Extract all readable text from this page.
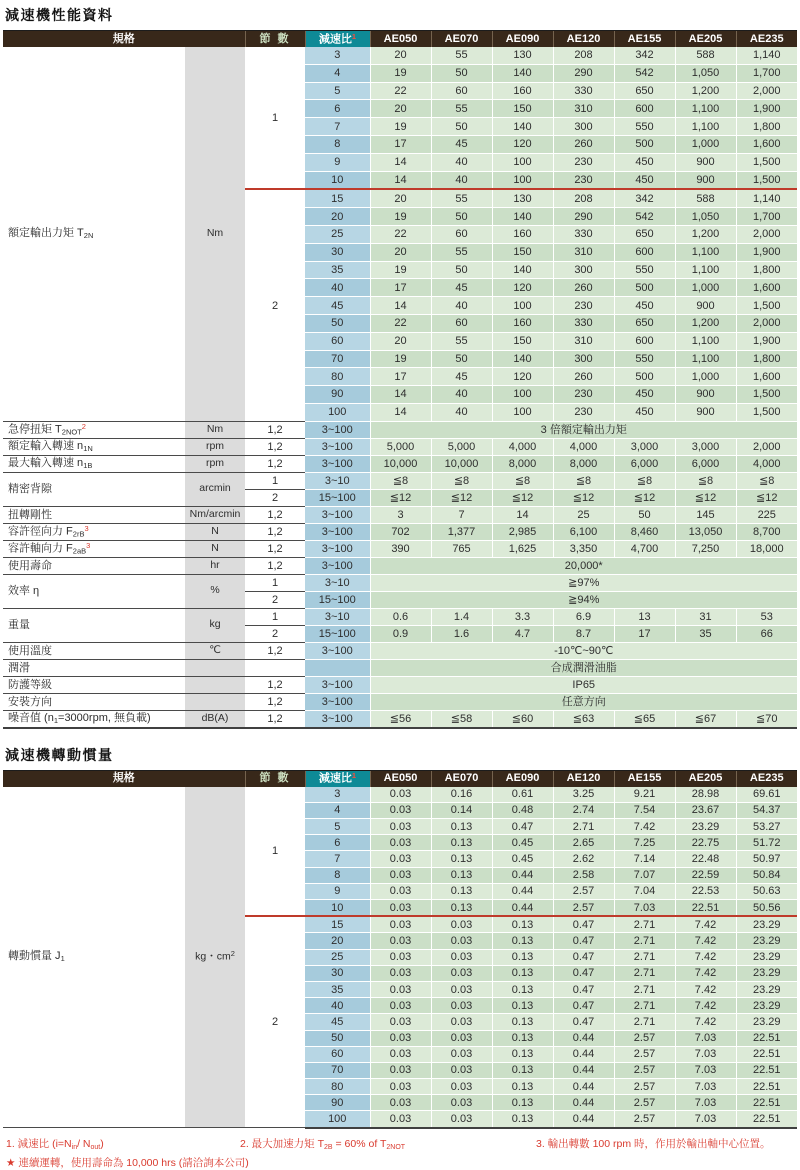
減速機性能資料
規格		節 數	減速比$^1$	AE050	AE070	AE090	AE120	AE155	AE205	AE235
額定輸出力矩 T2N	Nm	1	3	20	55	130	208	342	588	1,140
			4	19	50	140	290	542	1,050	1,700
			5	22	60	160	330	650	1,200	2,000
			6	20	55	150	310	600	1,100	1,900
			7	19	50	140	300	550	1,100	1,800
			8	17	45	120	260	500	1,000	1,600
			9	14	40	100	230	450	900	1,500
			10	14	40	100	230	450	900	1,500
		2	15	20	55	130	208	342	588	1,140
			20	19	50	140	290	542	1,050	1,700
			25	22	60	160	330	650	1,200	2,000
			30	20	55	150	310	600	1,100	1,900
			35	19	50	140	300	550	1,100	1,800
			40	17	45	120	260	500	1,000	1,600
			45	14	40	100	230	450	900	1,500
			50	22	60	160	330	650	1,200	2,000
			60	20	55	150	310	600	1,100	1,900
			70	19	50	140	300	550	1,100	1,800
			80	17	45	120	260	500	1,000	1,600
			90	14	40	100	230	450	900	1,500
			100	14	40	100	230	450	900	1,500
急停扭矩 T2NOT$^2$	Nm	1,2	3~100	3 倍額定輸出力矩						
額定輸入轉速 n1N	rpm	1,2	3~100	5,000	5,000	4,000	4,000	3,000	3,000	2,000
最大輸入轉速 n1B	rpm	1,2	3~100	10,000	10,000	8,000	8,000	6,000	6,000	4,000
精密背隙	arcmin	1	3~10	≦8	≦8	≦8	≦8	≦8	≦8	≦8
		2	15~100	≦12	≦12	≦12	≦12	≦12	≦12	≦12
扭轉剛性	Nm/arcmin	1,2	3~100	3	7	14	25	50	145	225
容許徑向力 $F2rB^3$	N	1,2	3~100	702	1,377	2,985	6,100	8,460	13,050	8,700
容許軸向力 $F2aB^3$	N	1,2	3~100	390	765	1,625	3,350	4,700	7,250	18,000
使用壽命	hr	1,2	3~100	20,000*						
效率 η	%	1	3~10	≧97%						
		2	15~100	≧94%						
重量	kg	1	3~10	0.6	1.4	3.3	6.9	13	31	53
		2	15~100	0.9	1.6	4.7	8.7	17	35	66
使用溫度	℃	1,2	3~100	-10℃~90℃						
潤滑				合成潤滑油脂						
防護等級		1,2	3~100	IP65						
安裝方向		1,2	3~100	任意方向						
噪音值 (n1=3000rpm, 無負載)	dB(A)	1,2	3~100	≦56	≦58	≦60	≦63	≦65	≦67	≦70
減速機轉動慣量
規格		節 數	減速比$^1$	AE050	AE070	AE090	AE120	AE155	AE205	AE235
轉動慣量 J1	kg・$cm^2$	1	3	0.03	0.16	0.61	3.25	9.21	28.98	69.61
			4	0.03	0.14	0.48	2.74	7.54	23.67	54.37
			5	0.03	0.13	0.47	2.71	7.42	23.29	53.27
			6	0.03	0.13	0.45	2.65	7.25	22.75	51.72
			7	0.03	0.13	0.45	2.62	7.14	22.48	50.97
			8	0.03	0.13	0.44	2.58	7.07	22.59	50.84
			9	0.03	0.13	0.44	2.57	7.04	22.53	50.63
			10	0.03	0.13	0.44	2.57	7.03	22.51	50.56
		2	15	0.03	0.03	0.13	0.47	2.71	7.42	23.29
			20	0.03	0.03	0.13	0.47	2.71	7.42	23.29
			25	0.03	0.03	0.13	0.47	2.71	7.42	23.29
			30	0.03	0.03	0.13	0.47	2.71	7.42	23.29
			35	0.03	0.03	0.13	0.47	2.71	7.42	23.29
			40	0.03	0.03	0.13	0.47	2.71	7.42	23.29
			45	0.03	0.03	0.13	0.47	2.71	7.42	23.29
			50	0.03	0.03	0.13	0.44	2.57	7.03	22.51
			60	0.03	0.03	0.13	0.44	2.57	7.03	22.51
			70	0.03	0.03	0.13	0.44	2.57	7.03	22.51
			80	0.03	0.03	0.13	0.44	2.57	7.03	22.51
			90	0.03	0.03	0.13	0.44	2.57	7.03	22.51
			100	0.03	0.03	0.13	0.44	2.57	7.03	22.51
1. 減速比 (i=Nin/ Nout)	2. 最大加速力矩 T2B = 60% of T2NOT	3. 輸出轉數 100 rpm 時，作用於輸出軸中心位置。
★ 連續運轉，使用壽命為 10,000 hrs (請洽詢本公司)
